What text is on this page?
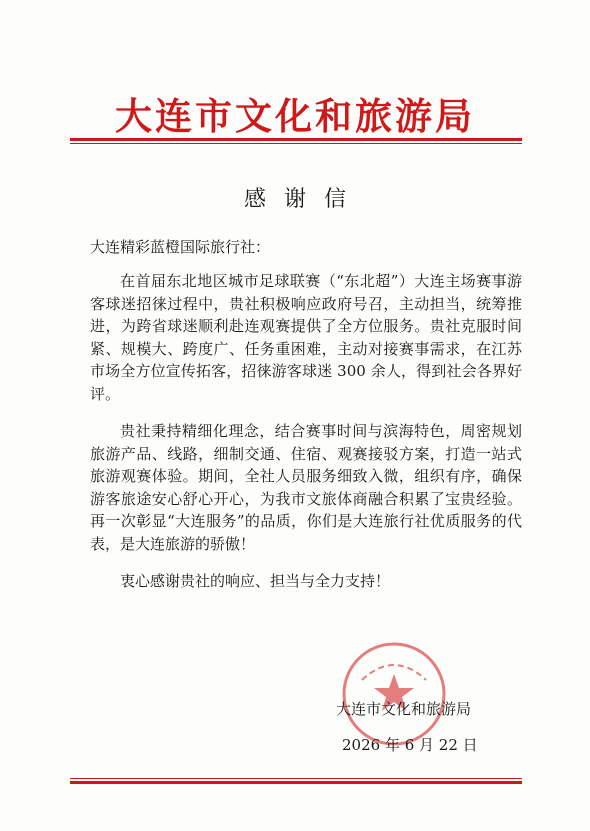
大连市文化和旅游局
感谢信
大连精彩蓝橙国际旅行社：

在首届东北地区城市足球联赛（“东北超”）大连主场赛事游客球迷招徕过程中，贵社积极响应政府号召，主动担当，统筹推进，为跨省球迷顺利赴连观赛提供了全方位服务。贵社克服时间紧、规模大、跨度广、任务重困难，主动对接赛事需求，在江苏市场全方位宣传拓客，招徕游客球迷 300 余人，得到社会各界好评。

贵社秉持精细化理念，结合赛事时间与滨海特色，周密规划旅游产品、线路，细制交通、住宿、观赛接驳方案，打造一站式旅游观赛体验。期间，全社人员服务细致入微，组织有序，确保游客旅途安心舒心开心，为我市文旅体商融合积累了宝贵经验。再一次彰显“大连服务”的品质，你们是大连旅行社优质服务的代表，是大连旅游的骄傲！

衷心感谢贵社的响应、担当与全力支持！

大连市文化和旅游局
2026 年 6 月 22 日
